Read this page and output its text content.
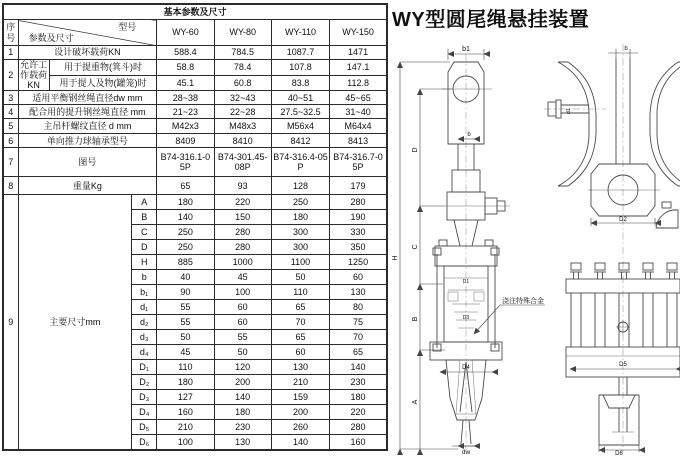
基本参数及尺寸							
序号	型号
参数及尺寸			WY-60	WY-80	WY-110	WY-150
1	设计破坏载荷KN			588.4	784.5	1087.7	1471
2	允许工作载荷KN	用于提重物(箕斗)时		58.8	78.4	107.8	147.1
		用于提人及物(罐笼)时		45.1	60.8	83.8	112.8
3	适用平衡钢丝绳直径dw mm			28~38	32~43	40~51	45~65
4	配合用的提升钢丝绳直径 mm			21~23	22~28	27.5~32.5	31~40
5	主吊杆螺纹直径 d mm			M42x3	M48x3	M56x4	M64x4
6	单向推力球轴承型号			8409	8410	8412	8413
7	图号			B74-316.1-05P	B74-301.45-08P	B74-316.4-05P	B74-316.7-05P
8	重量Kg			65	93	128	179
9	主要尺寸mm		A	180	220	250	280
			B	140	150	180	190
			C	250	280	300	330
			D	250	280	300	350
			H	885	1000	1100	1250
			b	40	45	50	60
			b₁	90	100	110	130
			d₁	55	60	65	80
			d₂	55	60	70	75
			d₃	50	55	65	70
			d₄	45	50	60	65
			D₁	110	120	130	140
			D₂	180	200	210	230
			D₃	127	140	159	180
			D₄	160	180	200	220
			D₅	210	230	260	280
			D₆	100	130	140	160
WY型圆尾绳悬挂装置
b
b1
H
D
C
B
A
D1
D3
D4
dw
浇注特殊合金
b
d1
D2
D5
D6
